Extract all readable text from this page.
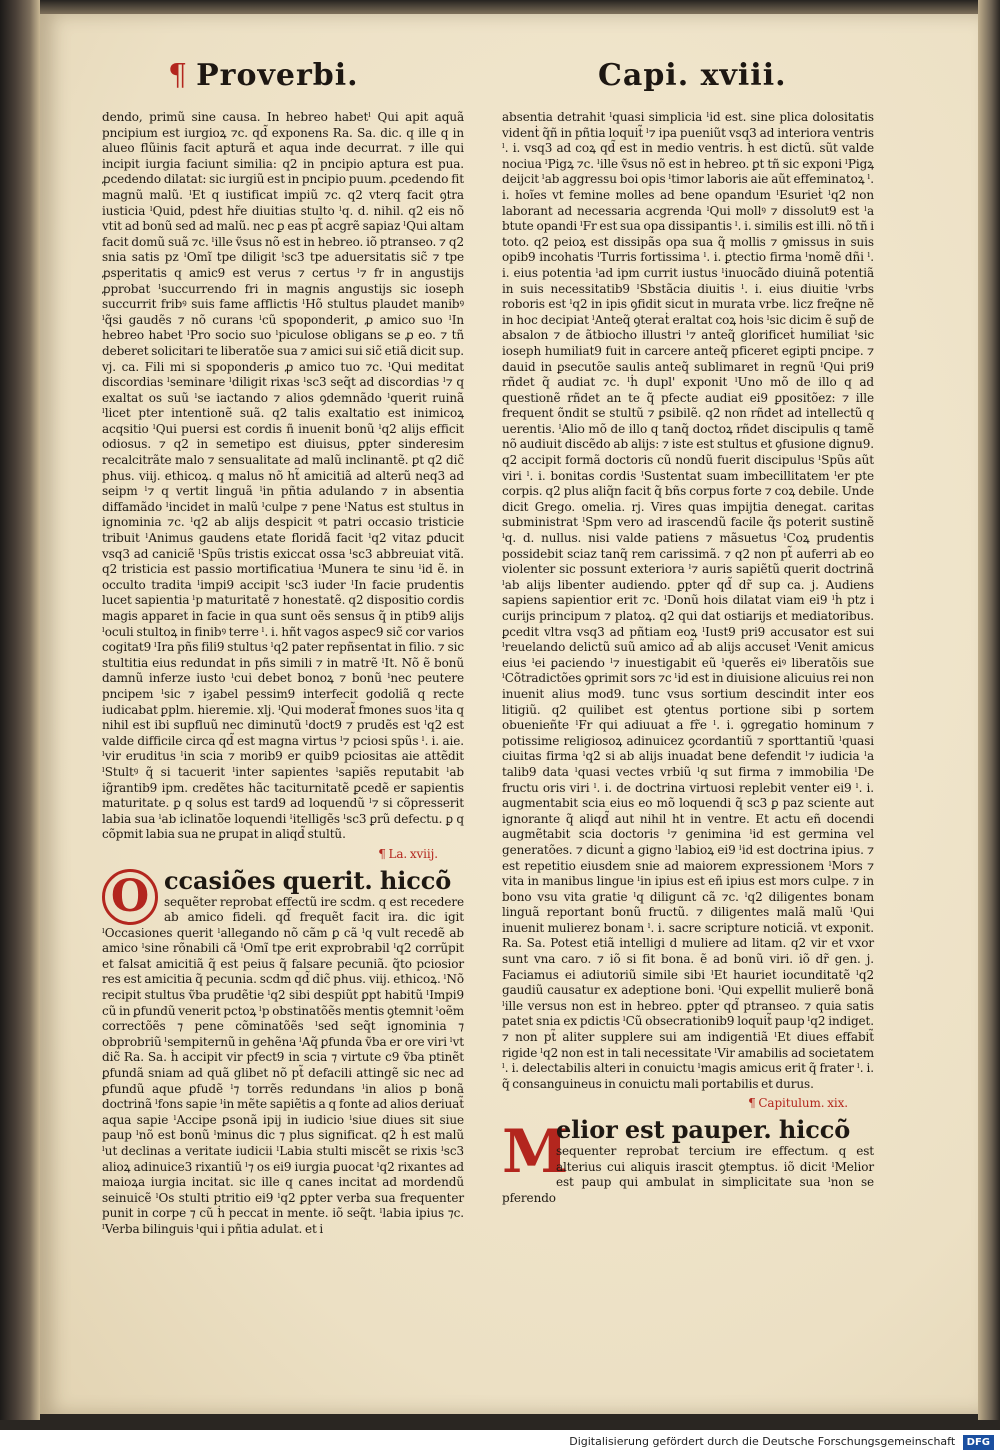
¶ Proverbi.	Capi. xviii.

dendo, primũ sine causa. In hebreo habetˡ Qui apit aquã pncipium est iurgioꝝ ⁊c. qd̃ exponens Ra. Sa. dic. q ille q in alueo flũinis facit apturã et aqua inde decurrat. ⁊ ille qui incipit iurgia faciunt similia: q2 in pncipio aptura est pua. ꝓcedendo dilatat: sic iurgiũ est in pncipio puum. ꝓcedendo fit magnũ malũ. ˡEt q iustificat impiũ ⁊c. q2 vterq facit ꝯtra iusticia ˡQuid, pdest hr̃e diuitias stulto ˡq. d. nihil. q2 eis nõ vtit ad bonũ sed ad malũ. nec ꝑ eas pt̃ acgrẽ sapiaz ˡQui altam facit domũ suã ⁊c. ˡille ṽsus nõ est in hebreo. iõ ptranseo. ⁊ q2 snia satis pz ˡOmĩ tpe diligit ˡsc3 tpe aduersitatis sic̃ ⁊ tpe ꝓsperitatis q amic9 est verus ⁊ certus ˡ⁊ fr in angustijs ꝓprobat ˡsuccurrendo fri in magnis angustijs sic ioseph succurrit fribꝰ suis fame afflictis ˡHõ stultus plaudet manibꝰ ˡq̃si gaudẽs ⁊ nõ curans ˡcũ spoponderit, ꝓ amico suo ˡIn hebreo habet ˡPro socio suo ˡpiculose obligans se ꝓ eo. ⁊ tñ deberet solicitari te liberatõe sua ⁊ amici sui sic̃ etiã dicit sup. vj. ca. Fili mi si spoponderis ꝓ amico tuo ⁊c. ˡQui meditat discordias ˡseminare ˡdiligit rixas ˡsc3 seq̃t ad discordias ˡ⁊ q exaltat os suũ ˡse iactando ⁊ alios ꝯdemnãdo ˡquerit ruinã ˡlicet pter intentionẽ suã. q2 talis exaltatio est inimicoꝝ acqsitio ˡQui puersi est cordis ñ inuenit bonũ ˡq2 alijs efficit odiosus. ⁊ q2 in semetipo est diuisus, ꝑpter sinderesim recalcitrãte malo ⁊ sensualitate ad malũ inclinantẽ. ꝑt q2 dic̃ phus. viij. ethicoꝝ. q malus nõ ht̃ amicitiã ad alterũ neq3 ad seipm ˡ⁊ q vertit linguã ˡin pñtia adulando ⁊ in absentia diffamãdo ˡincidet in malũ ˡculpe ⁊ pene ˡNatus est stultus in ignominia ⁊c. ˡq2 ab alijs despicit ꝰt patri occasio tristicie tribuit ˡAnimus gaudens etate floridã facit ˡq2 vitaz ꝑducit vsq3 ad caniciẽ ˡSpũs tristis exiccat ossa ˡsc3 abbreuiat vitã. q2 tristicia est passio mortificatiua ˡMunera te sinu ˡid ẽ. in occulto tradita ˡimpi9 accipit ˡsc3 iuder ˡIn facie prudentis lucet sapientia ˡp maturitatẽ ⁊ honestatẽ. q2 dispositio cordis magis apparet in facie in qua sunt oẽs sensus q̃ in ptib9 alijs ˡoculi stultoꝝ in finibꝰ terre ˡ. i. hñt vagos aspec9 sic̃ cor varios cogitat9 ˡIra pñs fili9 stultus ˡq2 pater repñsentat in filio. ⁊ sic stultitia eius redundat in pñs simili ⁊ in matrẽ ˡIt. Nõ ẽ bonũ damnũ inferze iusto ˡcui debet bonoꝝ ⁊ bonũ ˡnec peutere pncipem ˡsic ⁊ iȝabel pessim9 interfecit godoliã q recte iudicabat ꝑplm. hieremie. xlj. ˡQui moderat̃ fmones suos ˡita q nihil est ibi supfluũ nec diminutũ ˡdoct9 ⁊ prudẽs est ˡq2 est valde difficile circa qd̃ est magna virtus ˡ⁊ pciosi spũs ˡ. i. aie. ˡvir eruditus ˡin scia ⁊ morib9 er quib9 pciositas aie attẽdit ˡStultꝰ q̃ si tacuerit ˡinter sapientes ˡsapiẽs reputabit ˡab ig̃rantib9 ipm. credẽtes hãc taciturnitatẽ ꝑcedẽ er sapientis maturitate. ꝑ q solus est tard9 ad loquendũ ˡ⁊ si cõpresserit labia sua ˡab iclinatõe loquendi ˡitelligẽs ˡsc3 ꝑrũ defectu. ꝑ q cõpmit labia sua ne ꝑrupat in aliqd̃ stultũ.

¶ La. xviij.
O ccasiões querit. hiccõ

sequẽter reprobat effectũ ire scdm. q est recedere ab amico fideli. qd̃ frequẽt facit ira. dic igit ˡOccasiones querit ˡallegando nõ cãm ꝑ cã ˡq vult recedẽ ab amico ˡsine rõnabili cã ˡOmĩ tpe erit exprobrabil ˡq2 corrũpit et falsat amicitiã q̃ est peius q̃ falsare pecuniã. q̃to pciosior res est amicitia q̃ pecunia. scdm qd̃ dic̃ phus. viij. ethicoꝝ. ˡNõ recipit stultus ṽba prudẽtie ˡq2 sibi despiũt ꝑpt habitũ ˡImpi9 cũ in ꝑfundũ venerit pctoꝝ ˡp obstinatõẽs mentis ꝯtemnit ˡoẽm correctõẽs ⁊ pene cõminatõẽs ˡsed seq̃t ignominia ⁊ obprobriũ ˡsempiternũ in gehẽna ˡAq̃ ꝑfunda ṽba er ore viri ˡvt dic̃ Ra. Sa. ḣ accipit vir pfect9 in scia ⁊ virtute c9 ṽba ptinẽt ꝑfundã sniam ad quã glibet nõ pt̃ defacili attingẽ sic nec ad ꝑfundũ aque ꝑfudẽ ˡ⁊ torrẽs redundans ˡin alios p bonã doctrinã ˡfons sapie ˡin mẽte sapiẽtis a q fonte ad alios deriuat̃ aqua sapie ˡAccipe ꝑsonã ipij in iudicio ˡsiue diues sit siue paup ˡnõ est bonũ ˡminus dic ⁊ plus significat. q2 ḣ est malũ ˡut declinas a veritate iudicii ˡLabia stulti miscẽt se rixis ˡsc3 alioꝝ adinuice3 rixantiũ ˡ⁊ os ei9 iurgia ꝑuocat ˡq2 rixantes ad maioꝝa iurgia incitat. sic ille q canes incitat ad mordendũ seinuicẽ ˡOs stulti ptritio ei9 ˡq2 ꝑpter verba sua frequenter punit in corpe ⁊ cũ ḣ peccat in mente. iõ seq̃t. ˡlabia ipius ⁊c. ˡVerba bilinguis ˡqui i pñtia adulat. et i

absentia detrahit ˡquasi simplicia ˡid est. sine plica dolositatis videnṫ q̃ñ in pñtia loquit̃ ˡ⁊ ipa pueniũt vsq3 ad interiora ventris ˡ. i. vsq3 ad coꝝ qd̃ est in medio ventris. ḣ est dictũ. sũt valde nociua ˡPigꝝ ⁊c. ˡille ṽsus nõ est in hebreo. ꝑt tñ sic exponi ˡPigꝝ deijcit ˡab aggressu boi opis ˡtimor laboris aie aũt effeminatoꝝ ˡ. i. hoĩes vt femine molles ad bene opandum ˡEsurieṫ ˡq2 non laborant ad necessaria acgrenda ˡQui mollꝰ ⁊ dissolut9 est ˡa btute opandi ˡFr est sua opa dissipantis ˡ. i. similis est illi. nõ tñ i toto. q2 peioꝝ est dissipãs opa sua q̃ mollis ⁊ ꝯmissus in suis opib9 incohatis ˡTurris fortissima ˡ. i. ꝑtectio firma ˡnomẽ dñi ˡ. i. eius potentia ˡad ipm currit iustus ˡinuocãdo diuinã potentiã in suis necessitatib9 ˡSbstãcia diuitis ˡ. i. eius diuitie ˡvrbs roboris est ˡq2 in ipis ꝯfidit sicut in murata vrbe. licz freq̃ne nẽ in hoc decipiat ˡAnteq̃ ꝯteraṫ eraltat coꝝ hois ˡsic dicim ẽ sup̃ de absalon ⁊ de ãtbiocho illustri ˡ⁊ anteq̃ glorificeṫ humiliat ˡsic ioseph humiliat9 fuit in carcere anteq̃ pficeret egipti pncipe. ⁊ dauid in ꝑsecutõe saulis anteq̃ sublimaret in regnũ ˡQui pri9 rñdet q̃ audiat ⁊c. ˡḣ dupl' exponit ˡUno mõ de illo q ad questionẽ rñdet an te q̃ pfecte audiat ei9 ꝑpositõez: ⁊ ille frequent õndit se stultũ ⁊ ꝑsibilẽ. q2 non rñdet ad intellectũ q uerentis. ˡAlio mõ de illo q tanq̃ doctoꝝ rñdet discipulis q tamẽ nõ audiuit discẽdo ab alijs: ⁊ iste est stultus et ꝯfusione dignu9. q2 accipit formã doctoris cũ nondũ fuerit discipulus ˡSpũs aũt viri ˡ. i. bonitas cordis ˡSustentat suam imbecillitatem ˡer pte corpis. q2 plus aliq̃n facit q̃ bñs corpus forte ⁊ coꝝ debile. Unde dicit Grego. omelia. rj. Vires quas impijtia denegat. caritas subministrat ˡSpm vero ad irascendũ facile q̃s poterit sustinẽ ˡq. d. nullus. nisi valde patiens ⁊ mãsuetus ˡCoꝝ prudentis possidebit sciaz tanq̃ rem carissimã. ⁊ q2 non pt̃ auferri ab eo violenter sic possunt exteriora ˡ⁊ auris sapiẽtũ querit doctrinã ˡab alijs libenter audiendo. ꝑpter qd̃ dr̃ sup ca. j. Audiens sapiens sapientior erit ⁊c. ˡDonũ hois dilatat viam ei9 ˡḣ ptz i curijs principum ⁊ platoꝝ. q2 qui dat ostiarijs et mediatoribus. ꝑcedit vltra vsq3 ad pñtiam eoꝝ ˡIust9 pri9 accusator est sui ˡreuelando delictũ suũ amico ad̃ ab alijs accuseṫ ˡVenit amicus eius ˡei ꝑaciendo ˡ⁊ inuestigabit eũ ˡquerẽs eiꝰ liberatõis sue ˡCõtradictões ꝯprimit sors ⁊c ˡid est in diuisione alicuius rei non inuenit alius mod9. tunc vsus sortium descindit inter eos litigiũ. q2 quilibet est ꝯtentus portione sibi p sortem obuenieñte ˡFr qui adiuuat a fr̃e ˡ. i. ꝯgregatio hominum ⁊ potissime religiosoꝝ adinuicez ꝯcordantiũ ⁊ sporttantiũ ˡquasi ciuitas firma ˡq2 si ab alijs inuadat bene defendit ˡ⁊ iudicia ˡa talib9 data ˡquasi vectes vrbiũ ˡq sut firma ⁊ immobilia ˡDe fructu oris viri ˡ. i. de doctrina virtuosi replebit venter ei9 ˡ. i. augmentabit scia eius eo mõ loquendi q̃ sc3 ꝑ paz sciente aut ignorante q̃ aliqd̃ aut nihil ht in ventre. Et actu eñ docendi augmẽtabit scia doctoris ˡ⁊ genimina ˡid est germina vel generatões. ⁊ dicunṫ a gigno ˡlabioꝝ ei9 ˡid est doctrina ipius. ⁊ est repetitio eiusdem snie ad maiorem expressionem ˡMors ⁊ vita in manibus lingue ˡin ipius est eñ ipius est mors culpe. ⁊ in bono vsu vita gratie ˡq diligunt cã ⁊c. ˡq2 diligentes bonam linguã reportant bonũ fructũ. ⁊ diligentes malã malũ ˡQui inuenit mulierez bonam ˡ. i. sacre scripture noticiã. vt exponit. Ra. Sa. Potest etiã intelligi d muliere ad litam. q2 vir et vxor sunt vna caro. ⁊ iõ si fit bona. ẽ ad bonũ viri. iõ dr̃ gen. j. Faciamus ei adiutoriũ simile sibi ˡEt hauriet iocunditatẽ ˡq2 gaudiũ causatur ex adeptione boni. ˡQui expellit mulierẽ bonã ˡille versus non est in hebreo. ꝑpter qd̃ ptranseo. ⁊ quia satis patet snia ex pdictis ˡCũ obsecrationib9 loquit̃ paup ˡq2 indiget. ⁊ non pt̃ aliter supplere sui am indigentiã ˡEt diues effabit̃ rigide ˡq2 non est in tali necessitate ˡVir amabilis ad societatem ˡ. i. delectabilis alteri in conuictu ˡmagis amicus erit q̃ frater ˡ. i. q̃ consanguineus in conuictu mali portabilis et durus.

¶ Capitulum. xix.
M
elior est pauper. hiccõ

sequenter reprobat tercium ire effectum. q est alterius cui aliquis irascit ꝯtemptus. iõ dicit ˡMelior est paup qui ambulat in simplicitate sua ˡnon se pferendo

Digitalisierung gefördert durch die Deutsche Forschungsgemeinschaft DFG
